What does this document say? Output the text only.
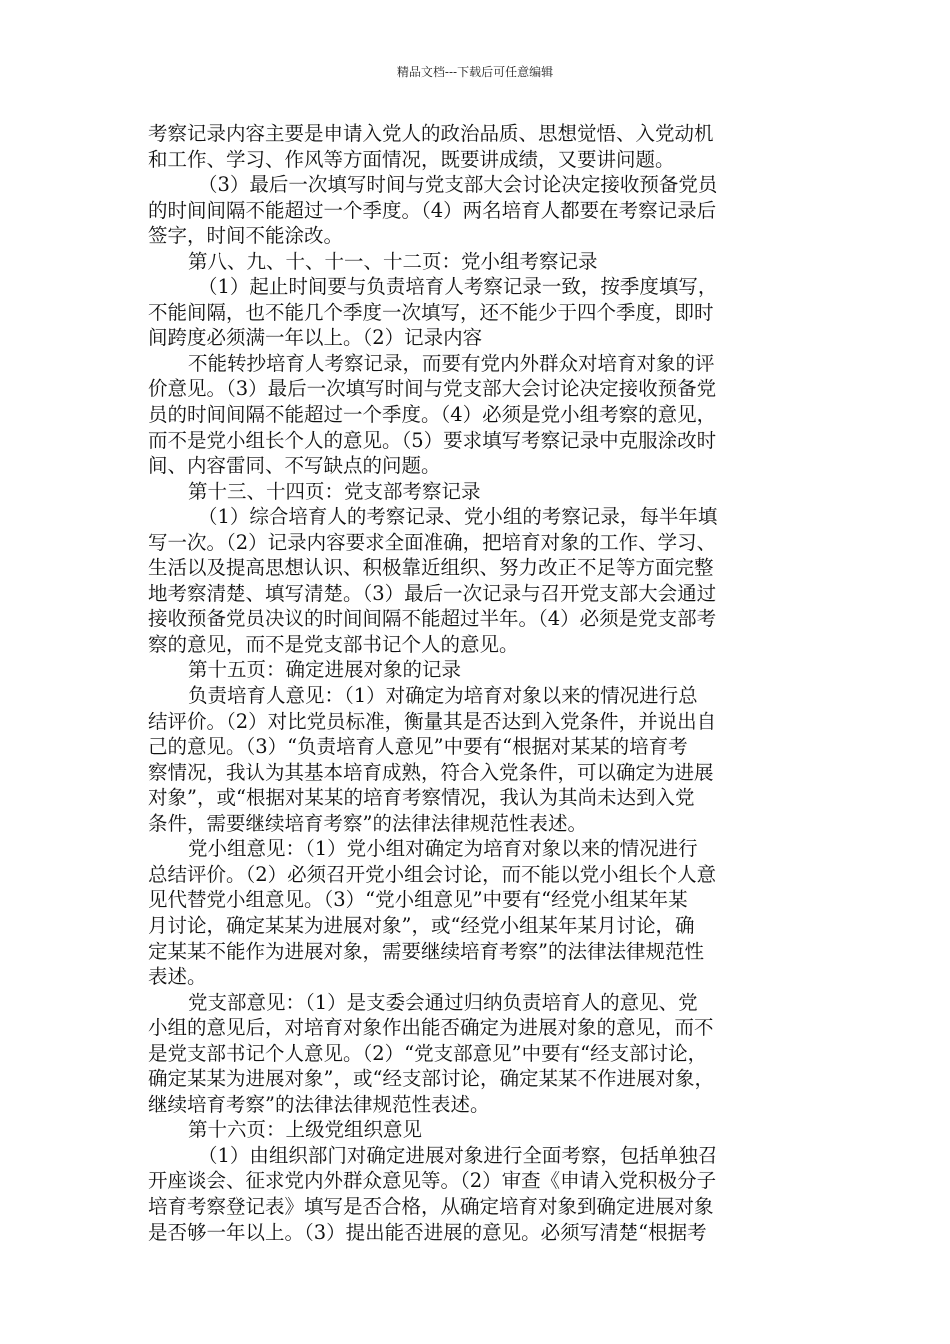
精品文档---下载后可任意编辑
考察记录内容主要是申请入党人的政治品质、思想觉悟、入党动机
和工作、学习、作风等方面情况，既要讲成绩，又要讲问题。
（3）最后一次填写时间与党支部大会讨论决定接收预备党员
的时间间隔不能超过一个季度。（4）两名培育人都要在考察记录后
签字，时间不能涂改。
第八、九、十、十一、十二页：党小组考察记录
（1）起止时间要与负责培育人考察记录一致，按季度填写，
不能间隔，也不能几个季度一次填写，还不能少于四个季度，即时
间跨度必须满一年以上。（2）记录内容
不能转抄培育人考察记录，而要有党内外群众对培育对象的评
价意见。（3）最后一次填写时间与党支部大会讨论决定接收预备党
员的时间间隔不能超过一个季度。（4）必须是党小组考察的意见，
而不是党小组长个人的意见。（5）要求填写考察记录中克服涂改时
间、内容雷同、不写缺点的问题。
第十三、十四页：党支部考察记录
（1）综合培育人的考察记录、党小组的考察记录，每半年填
写一次。（2）记录内容要求全面准确，把培育对象的工作、学习、
生活以及提高思想认识、积极靠近组织、努力改正不足等方面完整
地考察清楚、填写清楚。（3）最后一次记录与召开党支部大会通过
接收预备党员决议的时间间隔不能超过半年。（4）必须是党支部考
察的意见，而不是党支部书记个人的意见。
第十五页：确定进展对象的记录
负责培育人意见：（1）对确定为培育对象以来的情况进行总
结评价。（2）对比党员标准，衡量其是否达到入党条件，并说出自
己的意见。（3）“负责培育人意见”中要有“根据对某某的培育考
察情况，我认为其基本培育成熟，符合入党条件，可以确定为进展
对象”，或“根据对某某的培育考察情况，我认为其尚未达到入党
条件，需要继续培育考察”的法律法律规范性表述。
党小组意见：（1）党小组对确定为培育对象以来的情况进行
总结评价。（2）必须召开党小组会讨论，而不能以党小组长个人意
见代替党小组意见。（3）“党小组意见”中要有“经党小组某年某
月讨论，确定某某为进展对象”，或“经党小组某年某月讨论，确
定某某不能作为进展对象，需要继续培育考察”的法律法律规范性
表述。
党支部意见：（1）是支委会通过归纳负责培育人的意见、党
小组的意见后，对培育对象作出能否确定为进展对象的意见，而不
是党支部书记个人意见。（2）“党支部意见”中要有“经支部讨论，
确定某某为进展对象”，或“经支部讨论，确定某某不作进展对象，
继续培育考察”的法律法律规范性表述。
第十六页：上级党组织意见
（1）由组织部门对确定进展对象进行全面考察，包括单独召
开座谈会、征求党内外群众意见等。（2）审查《申请入党积极分子
培育考察登记表》填写是否合格，从确定培育对象到确定进展对象
是否够一年以上。（3）提出能否进展的意见。必须写清楚“根据考
